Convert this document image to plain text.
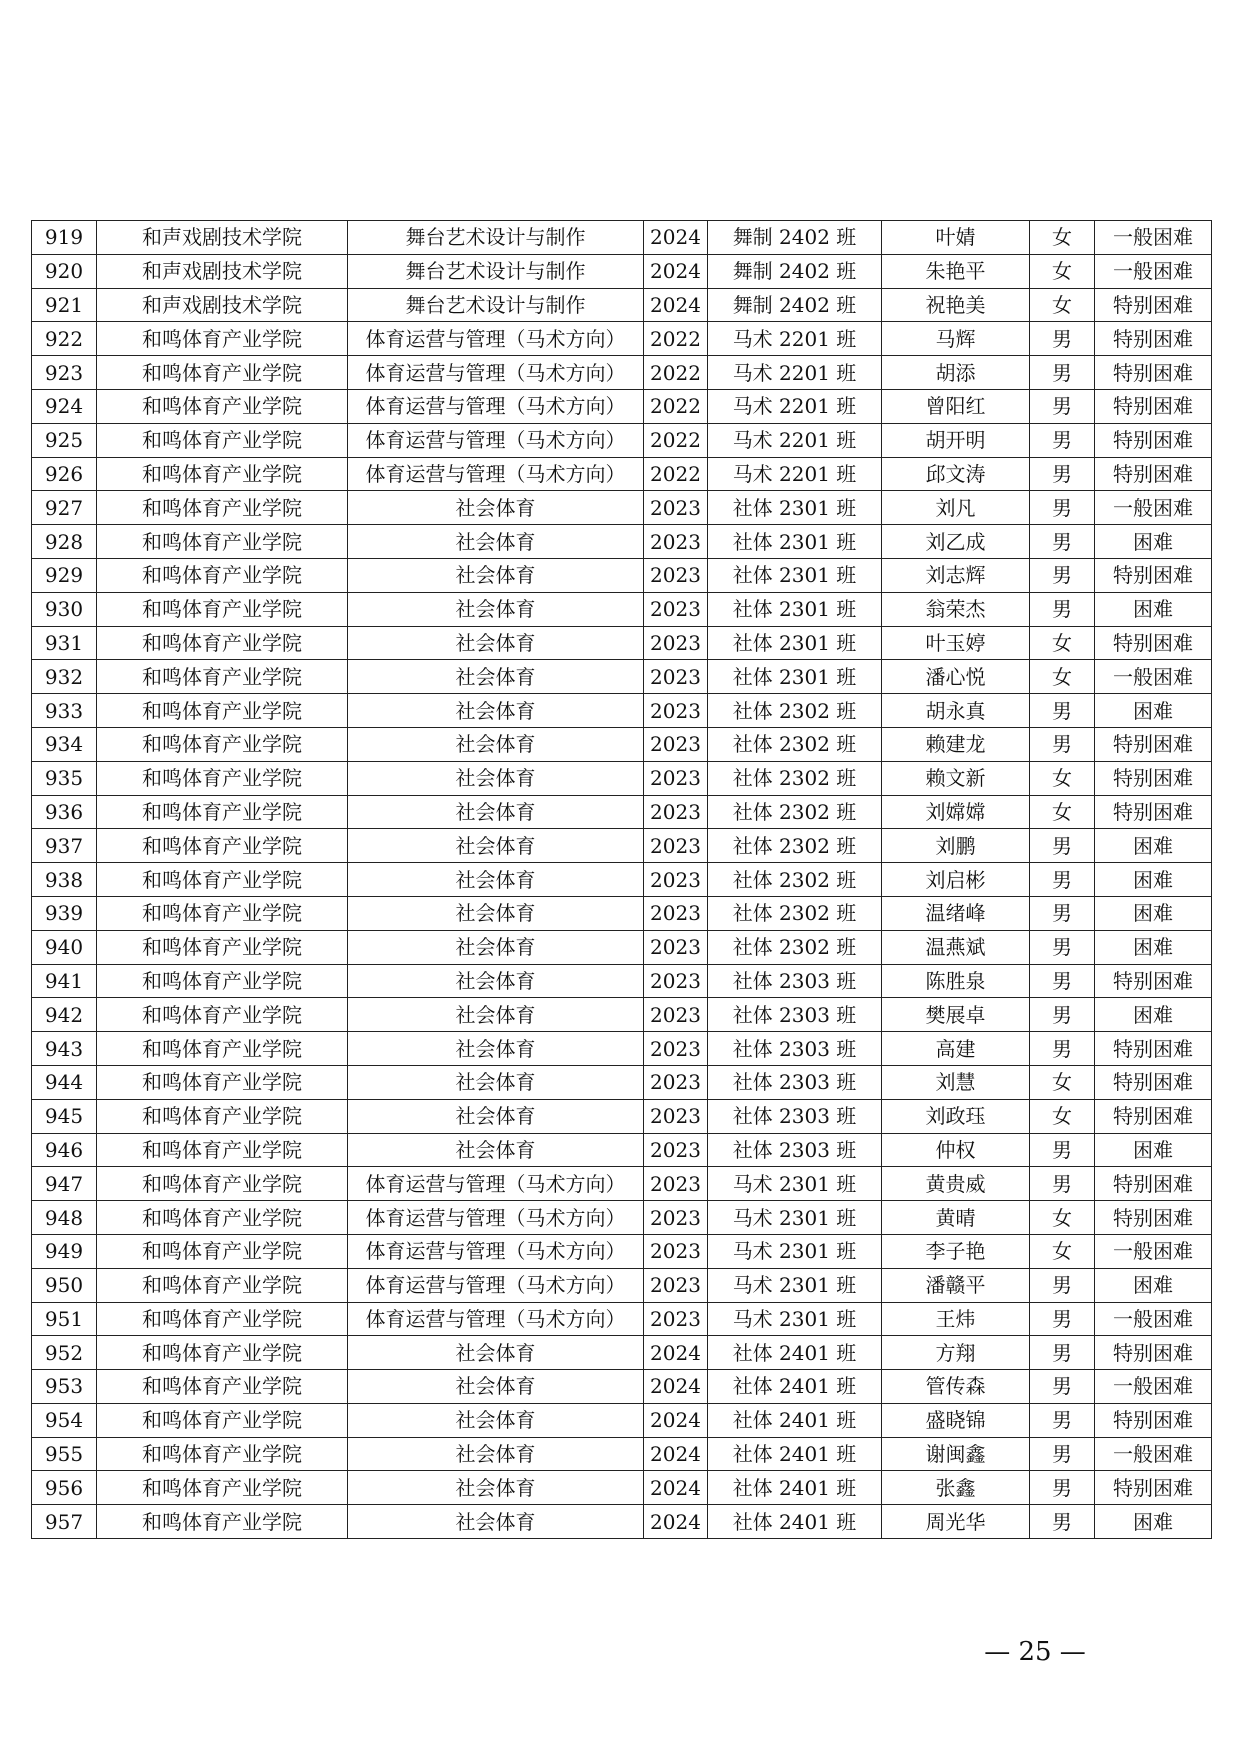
919	和声戏剧技术学院	舞台艺术设计与制作	2024	舞制 2402 班	叶婧	女	一般困难
920	和声戏剧技术学院	舞台艺术设计与制作	2024	舞制 2402 班	朱艳平	女	一般困难
921	和声戏剧技术学院	舞台艺术设计与制作	2024	舞制 2402 班	祝艳美	女	特别困难
922	和鸣体育产业学院	体育运营与管理（马术方向）	2022	马术 2201 班	马辉	男	特别困难
923	和鸣体育产业学院	体育运营与管理（马术方向）	2022	马术 2201 班	胡添	男	特别困难
924	和鸣体育产业学院	体育运营与管理（马术方向）	2022	马术 2201 班	曾阳红	男	特别困难
925	和鸣体育产业学院	体育运营与管理（马术方向）	2022	马术 2201 班	胡开明	男	特别困难
926	和鸣体育产业学院	体育运营与管理（马术方向）	2022	马术 2201 班	邱文涛	男	特别困难
927	和鸣体育产业学院	社会体育	2023	社体 2301 班	刘凡	男	一般困难
928	和鸣体育产业学院	社会体育	2023	社体 2301 班	刘乙成	男	困难
929	和鸣体育产业学院	社会体育	2023	社体 2301 班	刘志辉	男	特别困难
930	和鸣体育产业学院	社会体育	2023	社体 2301 班	翁荣杰	男	困难
931	和鸣体育产业学院	社会体育	2023	社体 2301 班	叶玉婷	女	特别困难
932	和鸣体育产业学院	社会体育	2023	社体 2301 班	潘心悦	女	一般困难
933	和鸣体育产业学院	社会体育	2023	社体 2302 班	胡永真	男	困难
934	和鸣体育产业学院	社会体育	2023	社体 2302 班	赖建龙	男	特别困难
935	和鸣体育产业学院	社会体育	2023	社体 2302 班	赖文新	女	特别困难
936	和鸣体育产业学院	社会体育	2023	社体 2302 班	刘嫦嫦	女	特别困难
937	和鸣体育产业学院	社会体育	2023	社体 2302 班	刘鹏	男	困难
938	和鸣体育产业学院	社会体育	2023	社体 2302 班	刘启彬	男	困难
939	和鸣体育产业学院	社会体育	2023	社体 2302 班	温绪峰	男	困难
940	和鸣体育产业学院	社会体育	2023	社体 2302 班	温燕斌	男	困难
941	和鸣体育产业学院	社会体育	2023	社体 2303 班	陈胜泉	男	特别困难
942	和鸣体育产业学院	社会体育	2023	社体 2303 班	樊展卓	男	困难
943	和鸣体育产业学院	社会体育	2023	社体 2303 班	高建	男	特别困难
944	和鸣体育产业学院	社会体育	2023	社体 2303 班	刘慧	女	特别困难
945	和鸣体育产业学院	社会体育	2023	社体 2303 班	刘政珏	女	特别困难
946	和鸣体育产业学院	社会体育	2023	社体 2303 班	仲权	男	困难
947	和鸣体育产业学院	体育运营与管理（马术方向）	2023	马术 2301 班	黄贵威	男	特别困难
948	和鸣体育产业学院	体育运营与管理（马术方向）	2023	马术 2301 班	黄晴	女	特别困难
949	和鸣体育产业学院	体育运营与管理（马术方向）	2023	马术 2301 班	李子艳	女	一般困难
950	和鸣体育产业学院	体育运营与管理（马术方向）	2023	马术 2301 班	潘赣平	男	困难
951	和鸣体育产业学院	体育运营与管理（马术方向）	2023	马术 2301 班	王炜	男	一般困难
952	和鸣体育产业学院	社会体育	2024	社体 2401 班	方翔	男	特别困难
953	和鸣体育产业学院	社会体育	2024	社体 2401 班	管传森	男	一般困难
954	和鸣体育产业学院	社会体育	2024	社体 2401 班	盛晓锦	男	特别困难
955	和鸣体育产业学院	社会体育	2024	社体 2401 班	谢闽鑫	男	一般困难
956	和鸣体育产业学院	社会体育	2024	社体 2401 班	张鑫	男	特别困难
957	和鸣体育产业学院	社会体育	2024	社体 2401 班	周光华	男	困难
— 25 —
